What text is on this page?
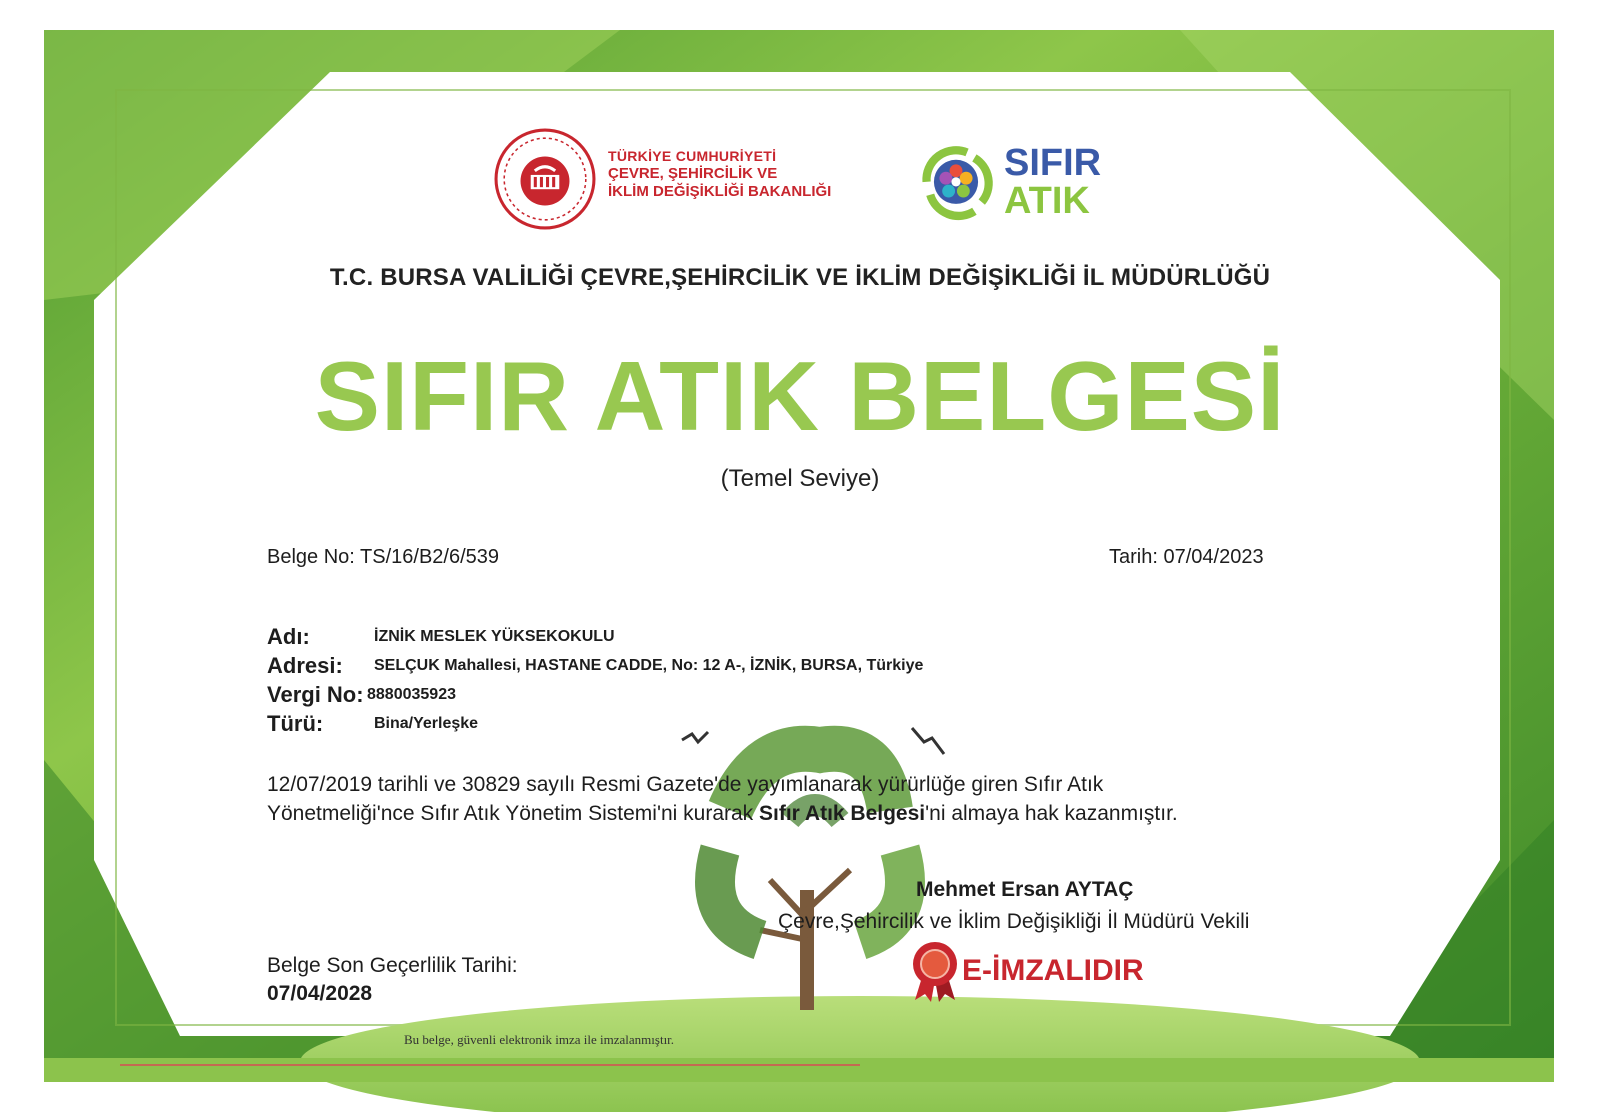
TÜRKİYE CUMHURİYETİ
ÇEVRE, ŞEHİRCİLİK VE
İKLİM DEĞİŞİKLİĞİ BAKANLIĞI
SIFIR
ATIK
T.C. BURSA VALİLİĞİ ÇEVRE,ŞEHİRCİLİK VE İKLİM DEĞİŞİKLİĞİ İL MÜDÜRLÜĞÜ
SIFIR ATIK BELGESİ
(Temel Seviye)
Belge No: TS/16/B2/6/539	Tarih: 07/04/2023
Adı:	İZNİK MESLEK YÜKSEKOKULU
Adresi: SELÇUK Mahallesi, HASTANE CADDE, No: 12 A-, İZNİK, BURSA, Türkiye
Vergi No: 8880035923
Türü:	Bina/Yerleşke
12/07/2019 tarihli ve 30829 sayılı Resmi Gazete'de yayımlanarak yürürlüğe giren Sıfır Atık
Yönetmeliği'nce Sıfır Atık Yönetim Sistemi'ni kurarak Sıfır Atık Belgesi'ni almaya hak kazanmıştır.
Mehmet Ersan AYTAÇ
Çevre,Şehircilik ve İklim Değişikliği İl Müdürü Vekili
E-İMZALIDIR
Belge Son Geçerlilik Tarihi:
07/04/2028
Bu belge, güvenli elektronik imza ile imzalanmıştır.
